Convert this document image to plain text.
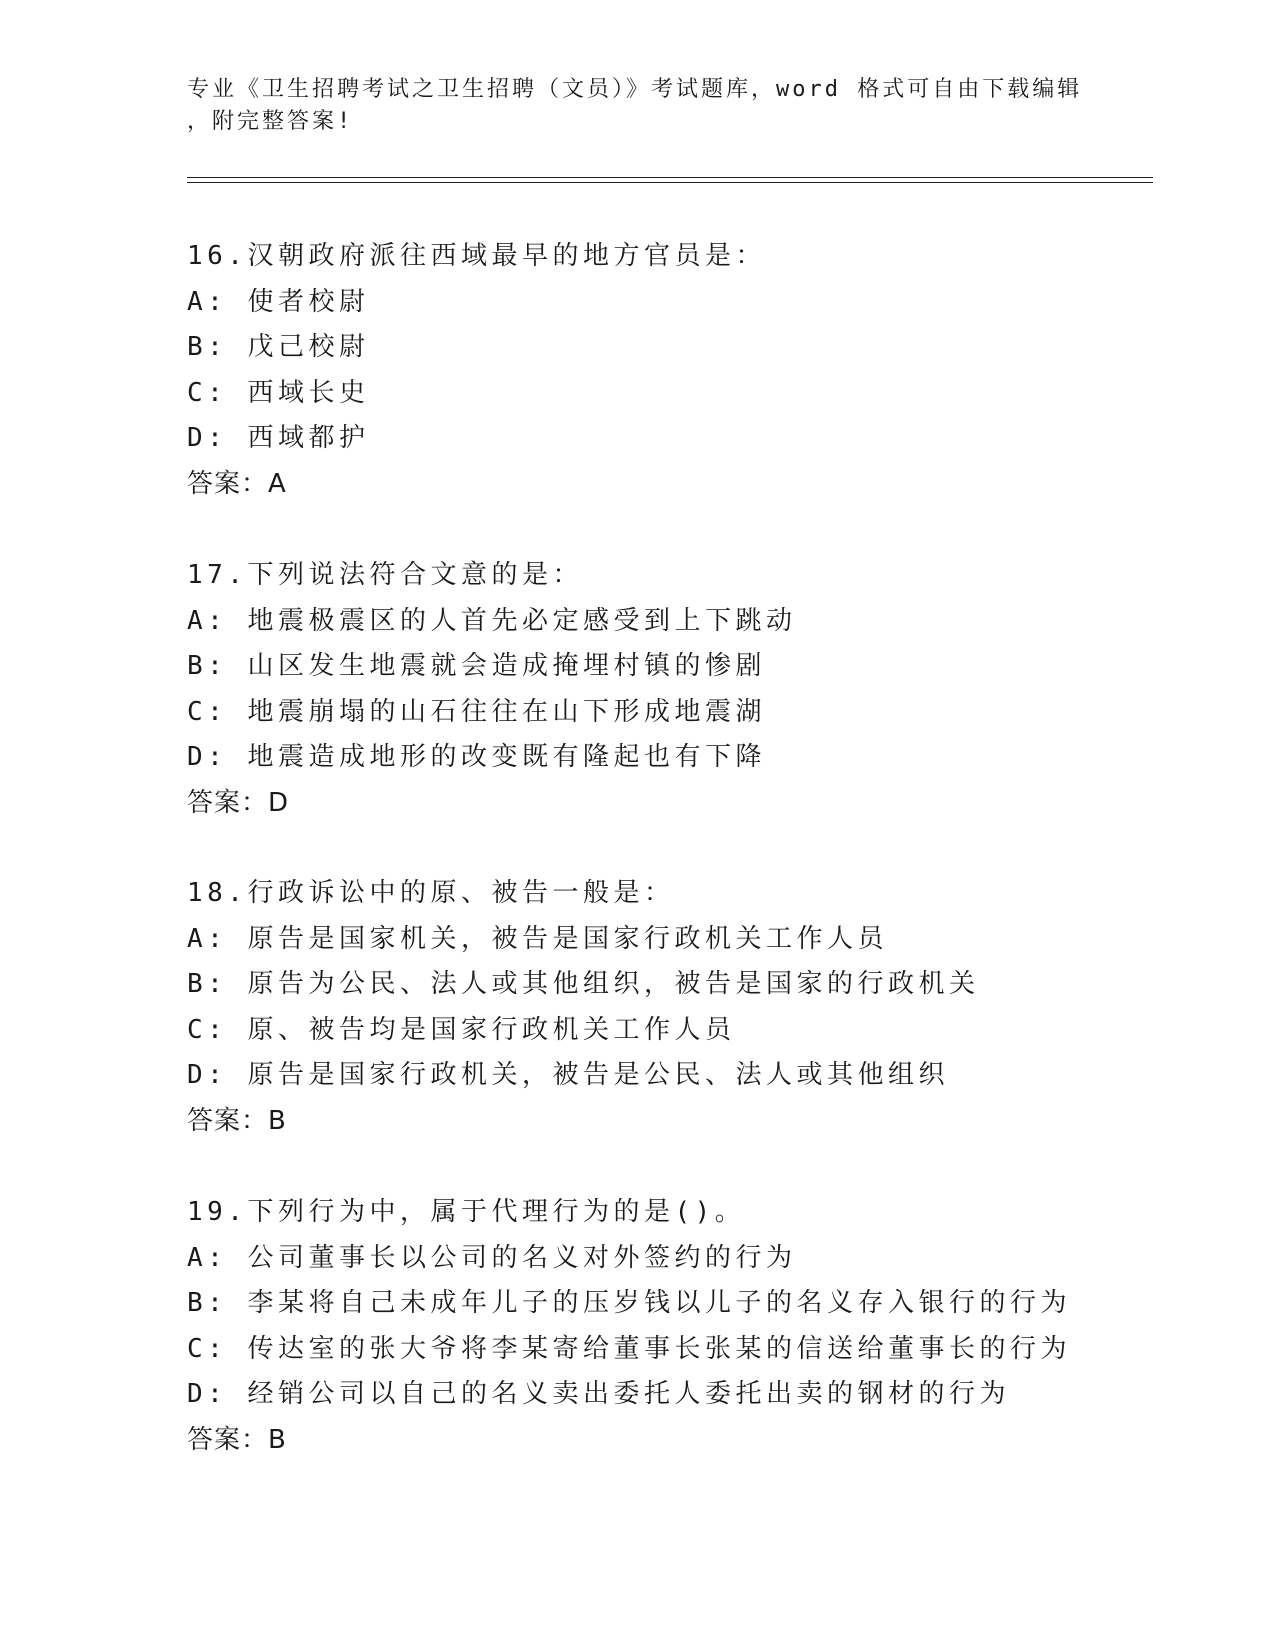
专业《卫生招聘考试之卫生招聘（文员）》考试题库，word 格式可自由下载编辑
，附完整答案!
16.汉朝政府派往西域最早的地方官员是：
A: 使者校尉
B: 戊己校尉
C: 西域长史
D: 西域都护
答案：A
17.下列说法符合文意的是：
A: 地震极震区的人首先必定感受到上下跳动
B: 山区发生地震就会造成掩埋村镇的惨剧
C: 地震崩塌的山石往往在山下形成地震湖
D: 地震造成地形的改变既有隆起也有下降
答案：D
18.行政诉讼中的原、被告一般是：
A: 原告是国家机关，被告是国家行政机关工作人员
B: 原告为公民、法人或其他组织，被告是国家的行政机关
C: 原、被告均是国家行政机关工作人员
D: 原告是国家行政机关，被告是公民、法人或其他组织
答案：B
19.下列行为中，属于代理行为的是()。
A: 公司董事长以公司的名义对外签约的行为
B: 李某将自己未成年儿子的压岁钱以儿子的名义存入银行的行为
C: 传达室的张大爷将李某寄给董事长张某的信送给董事长的行为
D: 经销公司以自己的名义卖出委托人委托出卖的钢材的行为
答案：B
